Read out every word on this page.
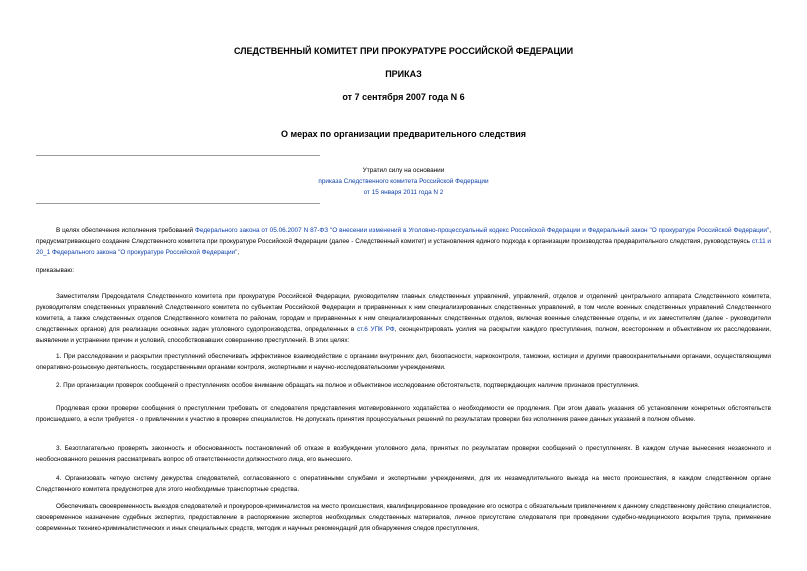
СЛЕДСТВЕННЫЙ КОМИТЕТ ПРИ ПРОКУРАТУРЕ РОССИЙСКОЙ ФЕДЕРАЦИИ
ПРИКАЗ
от 7 сентября 2007 года N 6
О мерах по организации предварительного следствия
Утратил силу на основании
приказа Следственного комитета Российской Федерации
от 15 января 2011 года N 2

В целях обеспечения исполнения требований Федерального закона от 05.06.2007 N 87-ФЗ "О внесении изменений в Уголовно-процессуальный кодекс Российской Федерации и Федеральный закон "О прокуратуре Российской Федерации", предусматривающего создание Следственного комитета при прокуратуре Российской Федерации (далее - Следственный комитет) и установления единого подхода к организации производства предварительного следствия, руководствуясь ст.11 и 20_1 Федерального закона "О прокуратуре Российской Федерации",

приказываю:

Заместителям Председателя Следственного комитета при прокуратуре Российской Федерации, руководителям главных следственных управлений, управлений, отделов и отделений центрального аппарата Следственного комитета, руководителям следственных управлений Следственного комитета по субъектам Российской Федерации и приравненных к ним специализированных следственных управлений, в том числе военных следственных управлений Следственного комитета, а также следственных отделов Следственного комитета по районам, городам и приравненных к ним специализированных следственных отделов, включая военные следственные отделы, и их заместителям (далее - руководители следственных органов) для реализации основных задач уголовного судопроизводства, определенных в ст.6 УПК РФ, сконцентрировать усилия на раскрытии каждого преступления, полном, всестороннем и объективном их расследовании, выявлении и устранении причин и условий, способствовавших совершению преступлений. В этих целях:

1. При расследовании и раскрытии преступлений обеспечивать эффективное взаимодействие с органами внутренних дел, безопасности, наркоконтроля, таможни, юстиции и другими правоохранительными органами, осуществляющими оперативно-розыскную деятельность, государственными органами контроля, экспертными и научно-исследовательскими учреждениями.

2. При организации проверок сообщений о преступлениях особое внимание обращать на полное и объективное исследование обстоятельств, подтверждающих наличие признаков преступления.

Продлевая сроки проверки сообщения о преступлении требовать от следователя представления мотивированного ходатайства о необходимости ее продления. При этом давать указания об установлении конкретных обстоятельств происшедшего, а если требуется - о привлечении к участию в проверке специалистов. Не допускать принятия процессуальных решений по результатам проверки без исполнения ранее данных указаний в полном объеме.

3. Безотлагательно проверять законность и обоснованность постановлений об отказе в возбуждении уголовного дела, принятых по результатам проверки сообщений о преступлениях. В каждом случае вынесения незаконного и необоснованного решения рассматривать вопрос об ответственности должностного лица, его вынесшего.

4. Организовать четкую систему дежурства следователей, согласованного с оперативными службами и экспертными учреждениями, для их незамедлительного выезда на место происшествия, в каждом следственном органе Следственного комитета предусмотрев для этого необходимые транспортные средства.

Обеспечивать своевременность выездов следователей и прокуроров-криминалистов на место происшествия, квалифицированное проведение его осмотра с обязательным привлечением к данному следственному действию специалистов, своевременное назначение судебных экспертиз, предоставление в распоряжение экспертов необходимых следственных материалов, личное присутствие следователя при проведении судебно-медицинского вскрытия трупа, применение современных технико-криминалистических и иных специальных средств, методик и научных рекомендаций для обнаружения следов преступления,
